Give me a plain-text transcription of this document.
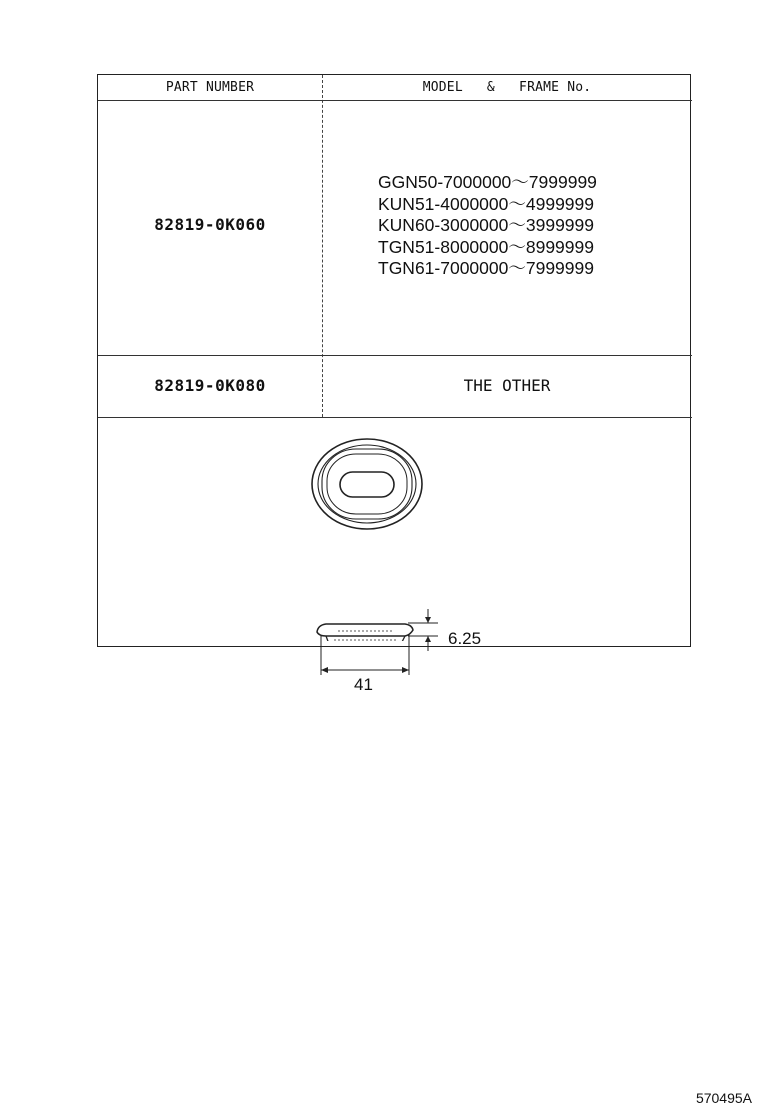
PART NUMBER	MODEL   &   FRAME No.
82819-0K060
GGN50-7000000～7999999
KUN51-4000000～4999999
KUN60-3000000～3999999
TGN51-8000000～8999999
TGN61-7000000～7999999
82819-0K080	THE OTHER
6.25
41
570495A
